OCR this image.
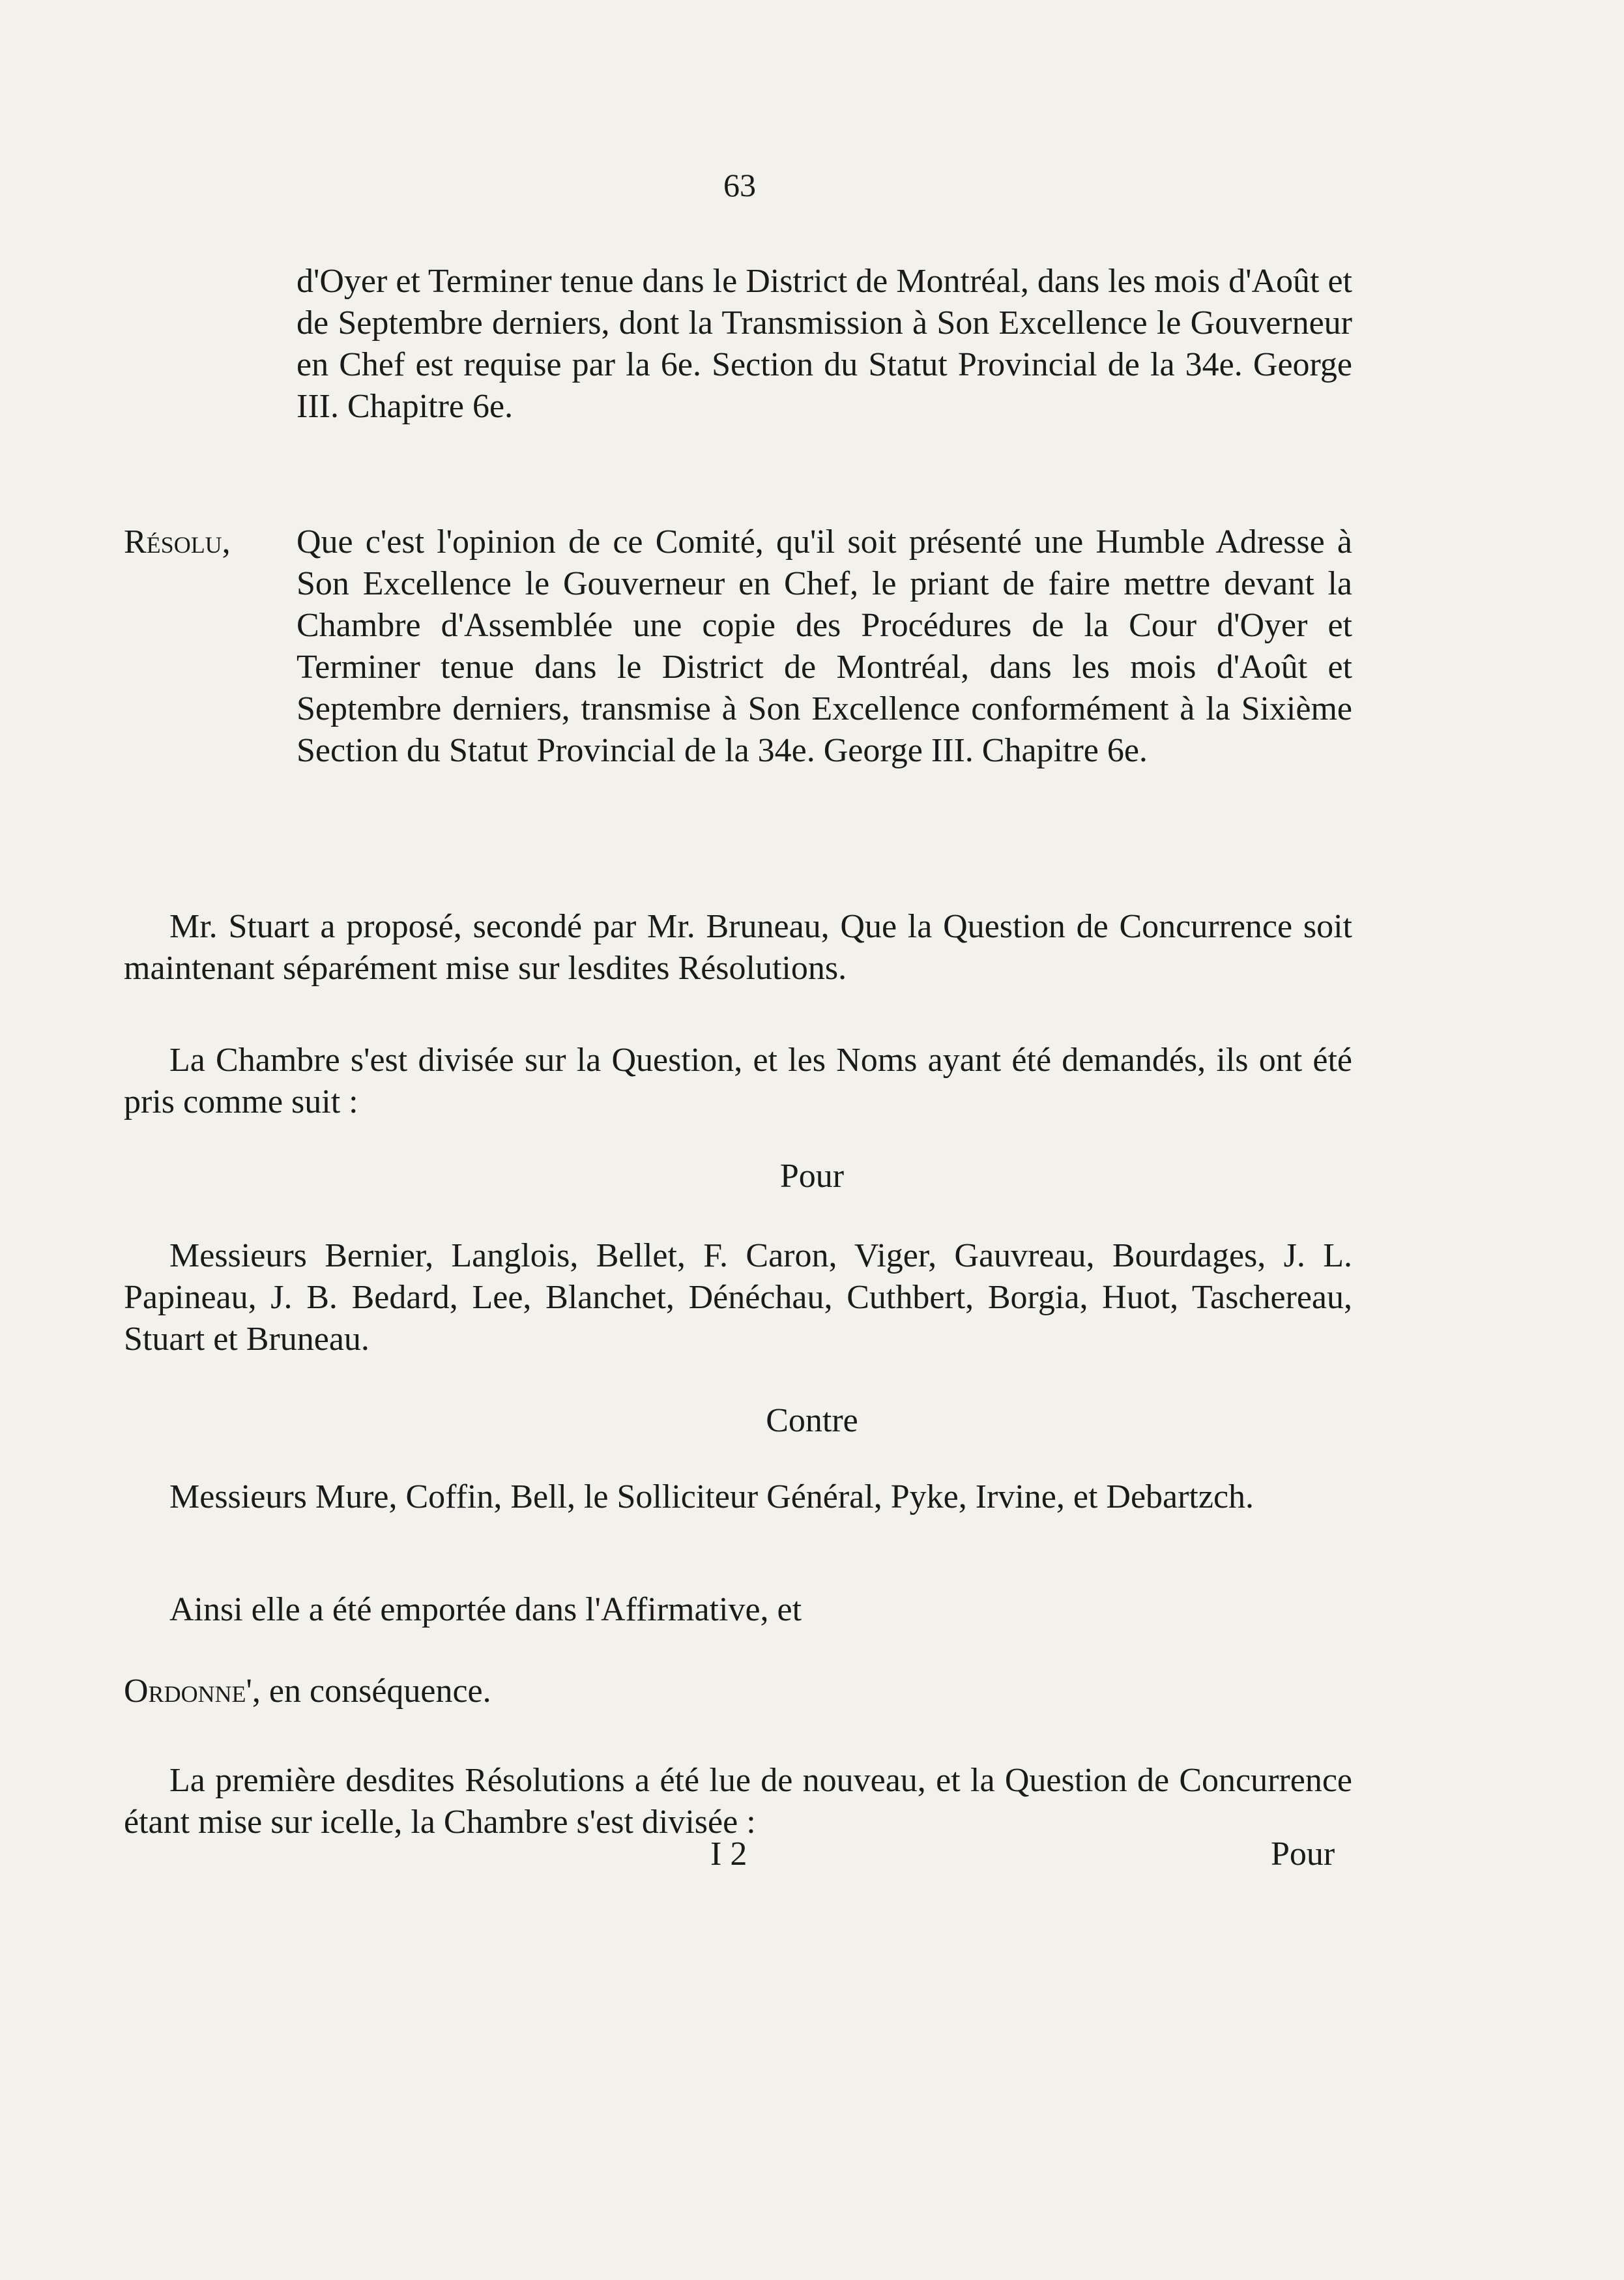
63
d'Oyer et Terminer tenue dans le District de Montréal, dans les mois d'Août et de Septembre derniers, dont la Transmission à Son Excellence le Gouverneur en Chef est requise par la 6e. Section du Statut Provincial de la 34e. George III. Chapitre 6e.
Résolu, Que c'est l'opinion de ce Comité, qu'il soit présenté une Humble Adresse à Son Excellence le Gouverneur en Chef, le priant de faire mettre devant la Chambre d'Assemblée une copie des Procédures de la Cour d'Oyer et Terminer tenue dans le District de Montréal, dans les mois d'Août et Septembre derniers, transmise à Son Excellence conformément à la Sixième Section du Statut Provincial de la 34e. George III. Chapitre 6e.
Mr. Stuart a proposé, secondé par Mr. Bruneau, Que la Question de Concurrence soit maintenant séparément mise sur lesdites Résolutions.
La Chambre s'est divisée sur la Question, et les Noms ayant été demandés, ils ont été pris comme suit :
Pour
Messieurs Bernier, Langlois, Bellet, F. Caron, Viger, Gauvreau, Bourdages, J. L. Papineau, J. B. Bedard, Lee, Blanchet, Dénéchau, Cuthbert, Borgia, Huot, Taschereau, Stuart et Bruneau.
Contre
Messieurs Mure, Coffin, Bell, le Solliciteur Général, Pyke, Irvine, et Debartzch.
Ainsi elle a été emportée dans l'Affirmative, et
Ordonne', en conséquence.
La première desdites Résolutions a été lue de nouveau, et la Question de Concurrence étant mise sur icelle, la Chambre s'est divisée :
I 2	Pour
